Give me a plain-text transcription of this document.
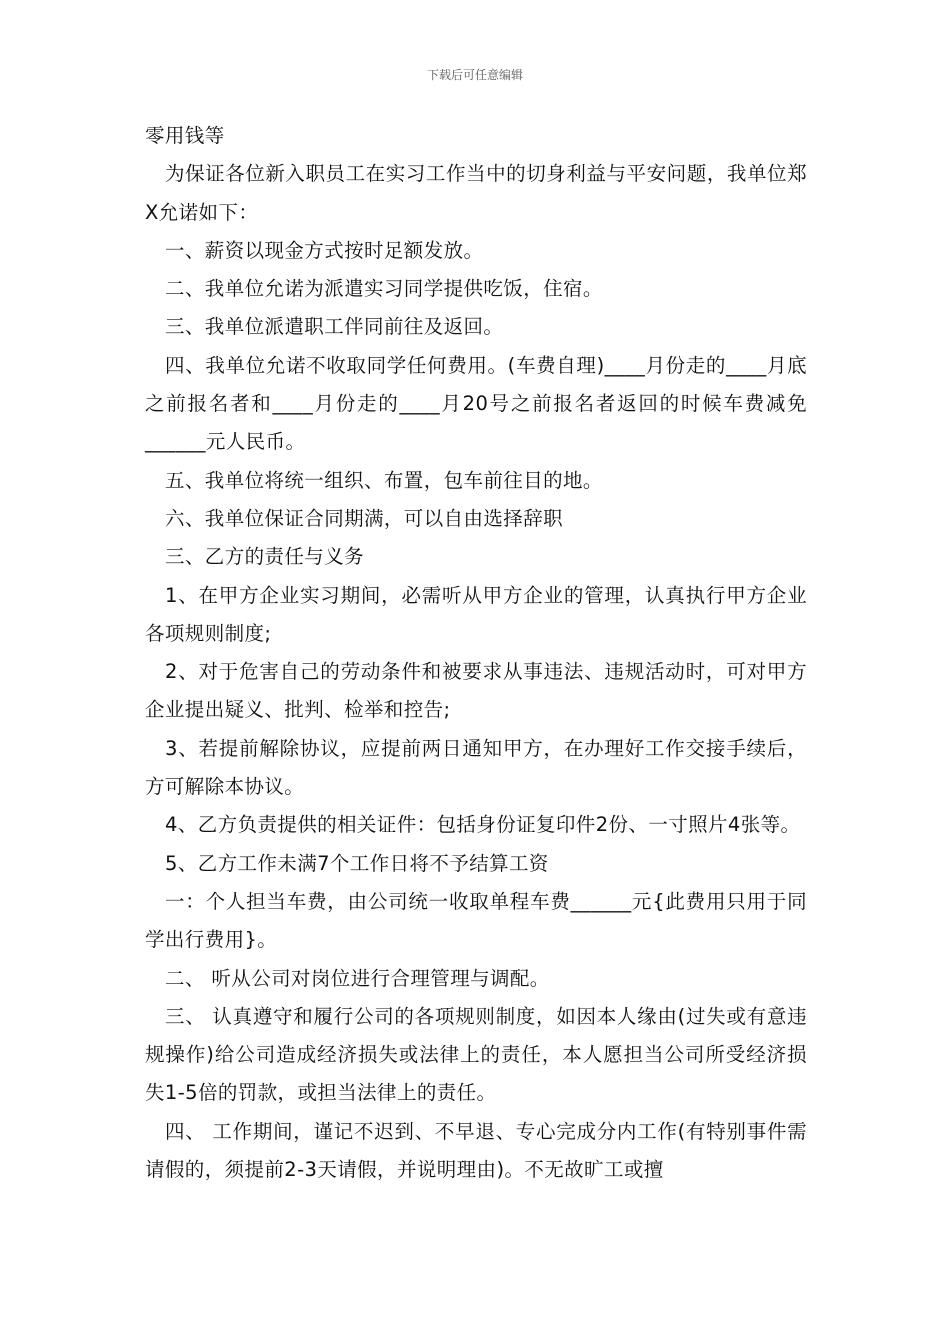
下载后可任意编辑

零用钱等

为保证各位新入职员工在实习工作当中的切身利益与平安问题，我单位郑X允诺如下：

一、薪资以现金方式按时足额发放。

二、我单位允诺为派遣实习同学提供吃饭，住宿。

三、我单位派遣职工伴同前往及返回。

四、我单位允诺不收取同学任何费用。(车费自理)____月份走的____月底之前报名者和____月份走的____月20号之前报名者返回的时候车费减免______元人民币。

五、我单位将统一组织、布置，包车前往目的地。

六、我单位保证合同期满，可以自由选择辞职

三、乙方的责任与义务

1、在甲方企业实习期间，必需听从甲方企业的管理，认真执行甲方企业各项规则制度;

2、对于危害自己的劳动条件和被要求从事违法、违规活动时，可对甲方企业提出疑义、批判、检举和控告;

3、若提前解除协议，应提前两日通知甲方，在办理好工作交接手续后，方可解除本协议。

4、乙方负责提供的相关证件：包括身份证复印件2份、一寸照片4张等。

5、乙方工作未满7个工作日将不予结算工资

一：个人担当车费，由公司统一收取单程车费______元{此费用只用于同学出行费用}。

二、 听从公司对岗位进行合理管理与调配。

三、 认真遵守和履行公司的各项规则制度，如因本人缘由(过失或有意违规操作)给公司造成经济损失或法律上的责任，本人愿担当公司所受经济损失1-5倍的罚款，或担当法律上的责任。

四、 工作期间，谨记不迟到、不早退、专心完成分内工作(有特别事件需请假的，须提前2-3天请假，并说明理由)。不无故旷工或擅
